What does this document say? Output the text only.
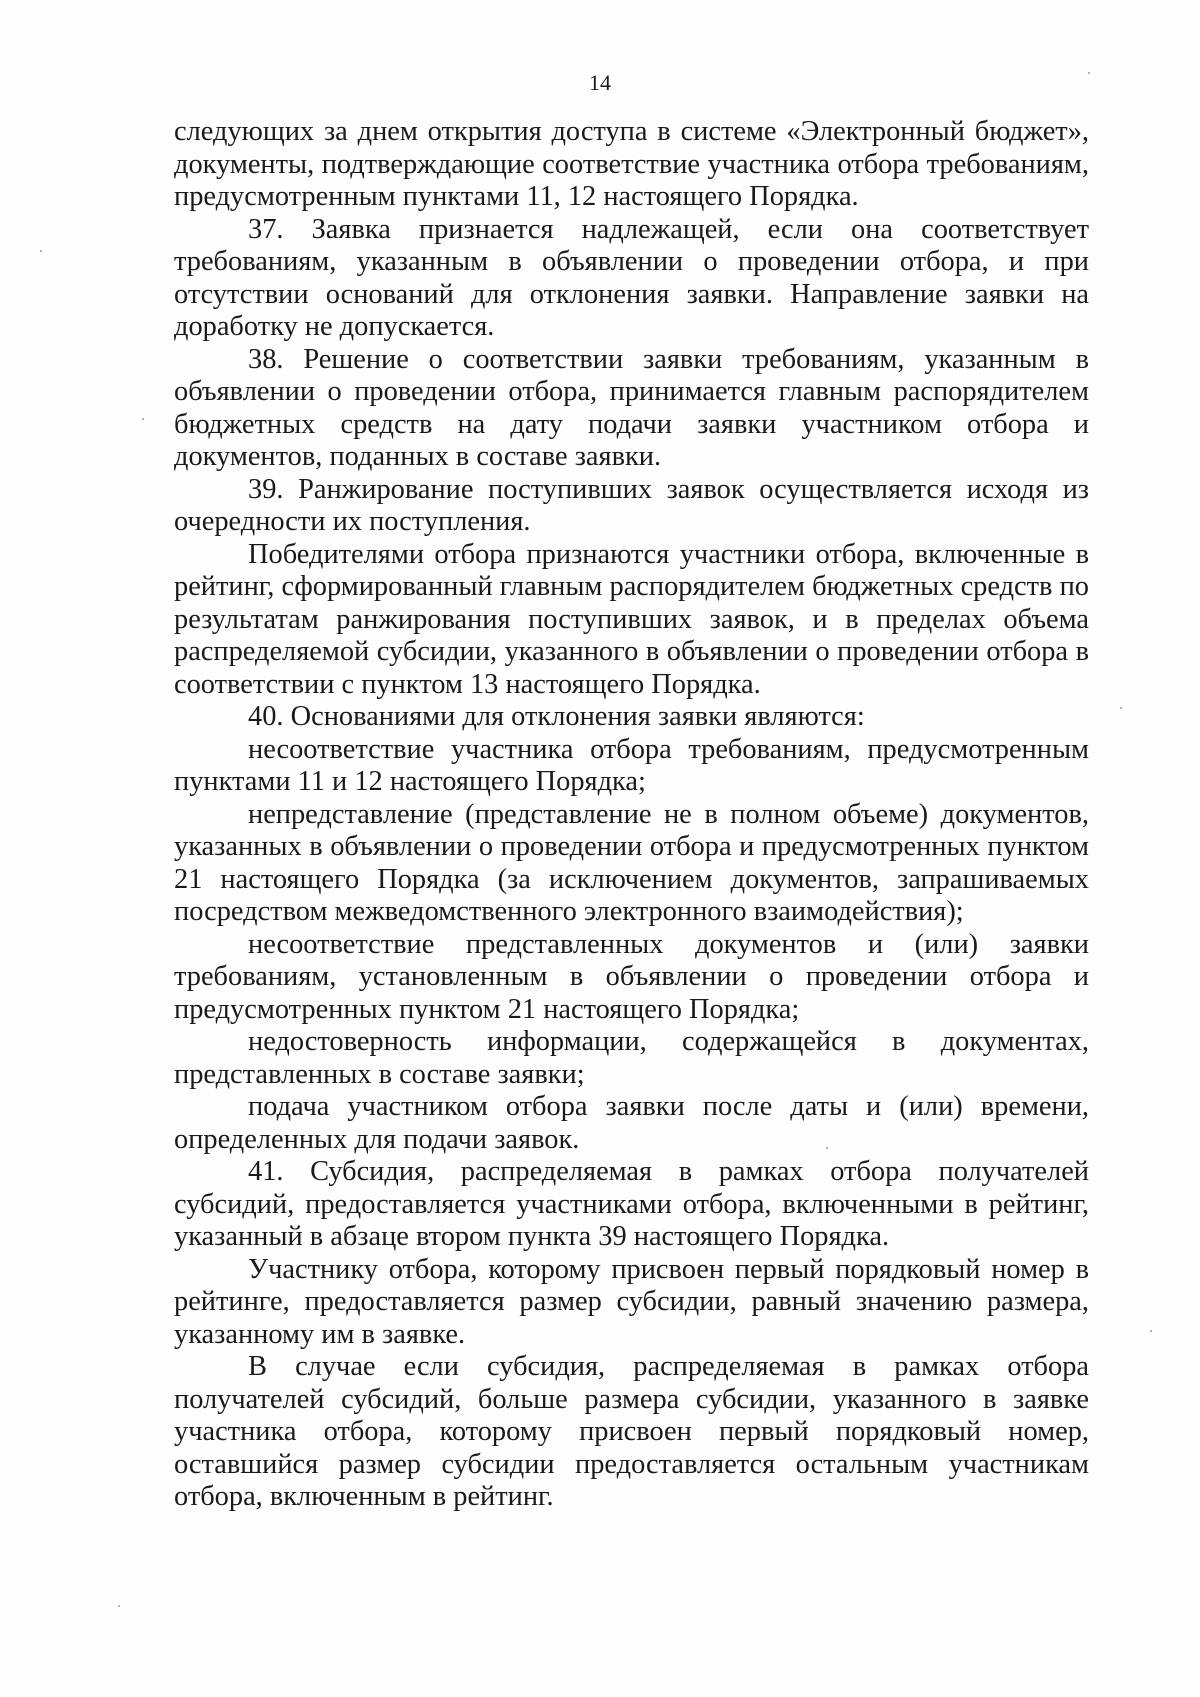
14

следующих за днем открытия доступа в системе «Электронный бюджет», документы, подтверждающие соответствие участника отбора требованиям, предусмотренным пунктами 11, 12 настоящего Порядка.

37. Заявка признается надлежащей, если она соответствует требованиям, указанным в объявлении о проведении отбора, и при отсутствии оснований для отклонения заявки. Направление заявки на доработку не допускается.

38. Решение о соответствии заявки требованиям, указанным в объявлении о проведении отбора, принимается главным распорядителем бюджетных средств на дату подачи заявки участником отбора и документов, поданных в составе заявки.

39. Ранжирование поступивших заявок осуществляется исходя из очередности их поступления.

Победителями отбора признаются участники отбора, включенные в рейтинг, сформированный главным распорядителем бюджетных средств по результатам ранжирования поступивших заявок, и в пределах объема распределяемой субсидии, указанного в объявлении о проведении отбора в соответствии с пунктом 13 настоящего Порядка.

40. Основаниями для отклонения заявки являются:

несоответствие участника отбора требованиям, предусмотренным пунктами 11 и 12 настоящего Порядка;

непредставление (представление не в полном объеме) документов, указанных в объявлении о проведении отбора и предусмотренных пунктом 21 настоящего Порядка (за исключением документов, запрашиваемых посредством межведомственного электронного взаимодействия);

несоответствие представленных документов и (или) заявки требованиям, установленным в объявлении о проведении отбора и предусмотренных пунктом 21 настоящего Порядка;

недостоверность информации, содержащейся в документах, представленных в составе заявки;

подача участником отбора заявки после даты и (или) времени, определенных для подачи заявок.

41. Субсидия, распределяемая в рамках отбора получателей субсидий, предоставляется участниками отбора, включенными в рейтинг, указанный в абзаце втором пункта 39 настоящего Порядка.

Участнику отбора, которому присвоен первый порядковый номер в рейтинге, предоставляется размер субсидии, равный значению размера, указанному им в заявке.

В случае если субсидия, распределяемая в рамках отбора получателей субсидий, больше размера субсидии, указанного в заявке участника отбора, которому присвоен первый порядковый номер, оставшийся размер субсидии предоставляется остальным участникам отбора, включенным в рейтинг.
